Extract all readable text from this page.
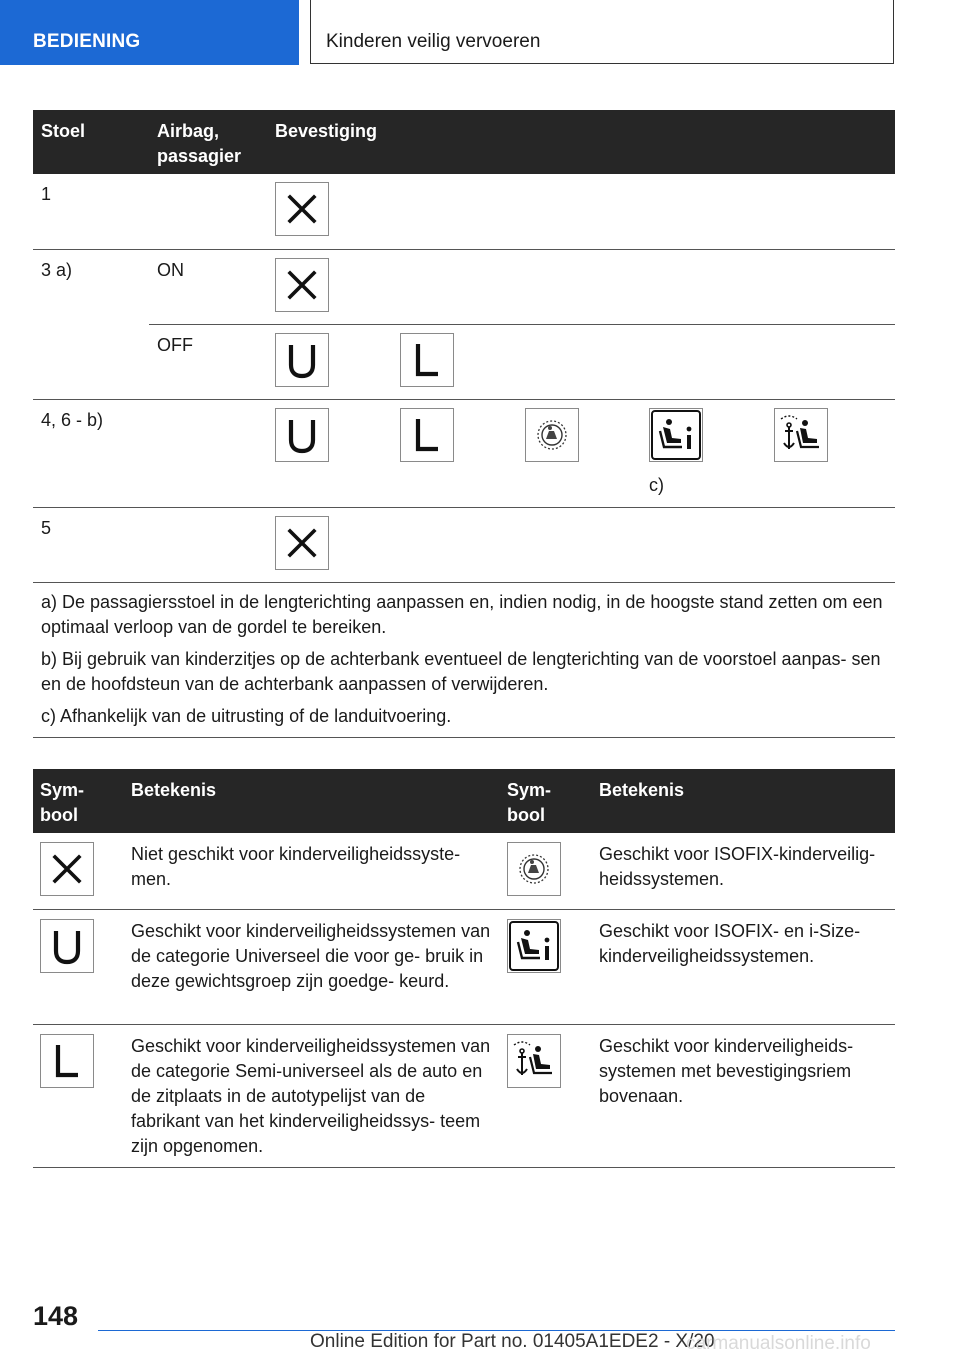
BEDIENING	Kinderen veilig vervoeren
Stoel	Airbag, passagier	Bevestiging				
1		

3 a)	ON	

	OFF	

4, 6 - b)					c)

5		

a) De passagiersstoel in de lengterichting aanpassen en, indien nodig, in de hoogste stand zetten om een optimaal verloop van de gordel te bereiken.

b) Bij gebruik van kinderzitjes op de achterbank eventueel de lengterichting van de voorstoel aanpas- sen en de hoofdsteun van de achterbank aanpassen of verwijderen.

c) Afhankelijk van de uitrusting of de landuitvoering.						

Sym- bool	Betekenis	Sym- bool	Betekenis

	Niet geschikt voor kinderveiligheidssyste- men.		Geschikt voor ISOFIX-kinderveilig- heidssystemen.

	Geschikt voor kinderveiligheidssystemen van de categorie Universeel die voor ge- bruik in deze gewichtsgroep zijn goedge- keurd.		Geschikt voor ISOFIX- en i-Size- kinderveiligheidssystemen.

	Geschikt voor kinderveiligheidssystemen van de categorie Semi-universeel als de auto en de zitplaats in de autotypelijst van de fabrikant van het kinderveiligheidssys- teem zijn opgenomen.		Geschikt voor kinderveiligheids- systemen met bevestigingsriem bovenaan.
148
Online Edition for Part no. 01405A1EDE2 - X/20
carmanualsonline.info
